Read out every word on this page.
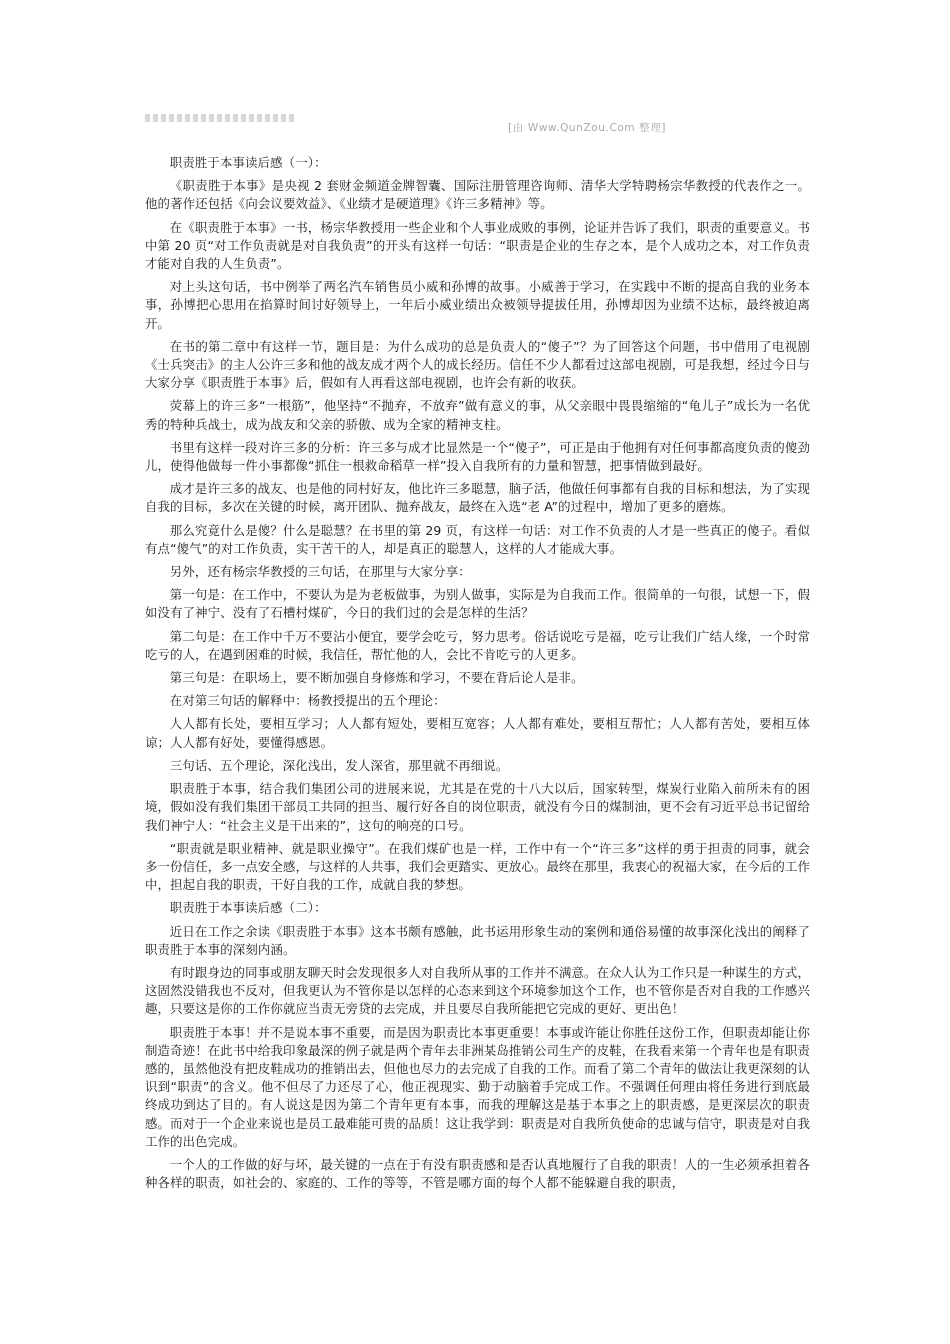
[由 Www.QunZou.Com 整理]

职责胜于本事读后感（一）：

《职责胜于本事》是央视 2 套财金频道金牌智囊、国际注册管理咨询师、清华大学特聘杨宗华教授的代表作之一。他的著作还包括《向会议要效益》、《业绩才是硬道理》《许三多精神》等。

在《职责胜于本事》一书，杨宗华教授用一些企业和个人事业成败的事例，论证并告诉了我们，职责的重要意义。书中第 20 页“对工作负责就是对自我负责”的开头有这样一句话：“职责是企业的生存之本，是个人成功之本，对工作负责才能对自我的人生负责”。

对上头这句话，书中例举了两名汽车销售员小威和孙博的故事。小威善于学习，在实践中不断的提高自我的业务本事，孙博把心思用在掐算时间讨好领导上，一年后小威业绩出众被领导提拔任用，孙博却因为业绩不达标，最终被迫离开。

在书的第二章中有这样一节，题目是：为什么成功的总是负责人的“傻子”？为了回答这个问题，书中借用了电视剧《士兵突击》的主人公许三多和他的战友成才两个人的成长经历。信任不少人都看过这部电视剧，可是我想，经过今日与大家分享《职责胜于本事》后，假如有人再看这部电视剧，也许会有新的收获。

荧幕上的许三多“一根筋”，他坚持“不抛弃，不放弃”做有意义的事，从父亲眼中畏畏缩缩的“龟儿子”成长为一名优秀的特种兵战士，成为战友和父亲的骄傲、成为全家的精神支柱。

书里有这样一段对许三多的分析：许三多与成才比显然是一个“傻子”，可正是由于他拥有对任何事都高度负责的傻劲儿，使得他做每一件小事都像“抓住一根救命稻草一样”投入自我所有的力量和智慧，把事情做到最好。

成才是许三多的战友、也是他的同村好友，他比许三多聪慧，脑子活，他做任何事都有自我的目标和想法，为了实现自我的目标，多次在关键的时候，离开团队、抛弃战友，最终在入选“老 A”的过程中，增加了更多的磨炼。

那么究竟什么是傻？什么是聪慧？在书里的第 29 页，有这样一句话：对工作不负责的人才是一些真正的傻子。看似有点“傻气”的对工作负责，实干苦干的人，却是真正的聪慧人，这样的人才能成大事。

另外，还有杨宗华教授的三句话，在那里与大家分享：

第一句是：在工作中，不要认为是为老板做事，为别人做事，实际是为自我而工作。很简单的一句很，试想一下，假如没有了神宁、没有了石槽村煤矿，今日的我们过的会是怎样的生活？

第二句是：在工作中千万不要沾小便宜，要学会吃亏，努力思考。俗话说吃亏是福，吃亏让我们广结人缘，一个时常吃亏的人，在遇到困难的时候，我信任，帮忙他的人，会比不肯吃亏的人更多。

第三句是：在职场上，要不断加强自身修炼和学习，不要在背后论人是非。

在对第三句话的解释中：杨教授提出的五个理论：

人人都有长处，要相互学习；人人都有短处，要相互宽容；人人都有难处，要相互帮忙；人人都有苦处，要相互体谅；人人都有好处，要懂得感恩。

三句话、五个理论，深化浅出，发人深省，那里就不再细说。

职责胜于本事，结合我们集团公司的进展来说，尤其是在党的十八大以后，国家转型，煤炭行业陷入前所未有的困境，假如没有我们集团干部员工共同的担当、履行好各自的岗位职责，就没有今日的煤制油，更不会有习近平总书记留给我们神宁人：“社会主义是干出来的”，这句的响亮的口号。

“职责就是职业精神、就是职业操守”。在我们煤矿也是一样，工作中有一个“许三多”这样的勇于担责的同事，就会多一份信任，多一点安全感，与这样的人共事，我们会更踏实、更放心。最终在那里，我衷心的祝福大家，在今后的工作中，担起自我的职责，干好自我的工作，成就自我的梦想。

职责胜于本事读后感（二）：

近日在工作之余读《职责胜于本事》这本书颇有感触，此书运用形象生动的案例和通俗易懂的故事深化浅出的阐释了职责胜于本事的深刻内涵。

有时跟身边的同事或朋友聊天时会发现很多人对自我所从事的工作并不满意。在众人认为工作只是一种谋生的方式，这固然没错我也不反对，但我更认为不管你是以怎样的心态来到这个环境参加这个工作，也不管你是否对自我的工作感兴趣，只要这是你的工作你就应当责无旁贷的去完成，并且要尽自我所能把它完成的更好、更出色！

职责胜于本事！并不是说本事不重要，而是因为职责比本事更重要！本事或许能让你胜任这份工作，但职责却能让你制造奇迹！在此书中给我印象最深的例子就是两个青年去非洲某岛推销公司生产的皮鞋，在我看来第一个青年也是有职责感的，虽然他没有把皮鞋成功的推销出去，但他也尽力的去完成了自我的工作。而看了第二个青年的做法让我更深刻的认识到“职责”的含义。他不但尽了力还尽了心，他正视现实、勤于动脑着手完成工作。不强调任何理由将任务进行到底最终成功到达了目的。有人说这是因为第二个青年更有本事，而我的理解这是基于本事之上的职责感，是更深层次的职责感。而对于一个企业来说也是员工最难能可贵的品质！这让我学到：职责是对自我所负使命的忠诚与信守，职责是对自我工作的出色完成。

一个人的工作做的好与坏，最关键的一点在于有没有职责感和是否认真地履行了自我的职责！人的一生必须承担着各种各样的职责，如社会的、家庭的、工作的等等，不管是哪方面的每个人都不能躲避自我的职责，
